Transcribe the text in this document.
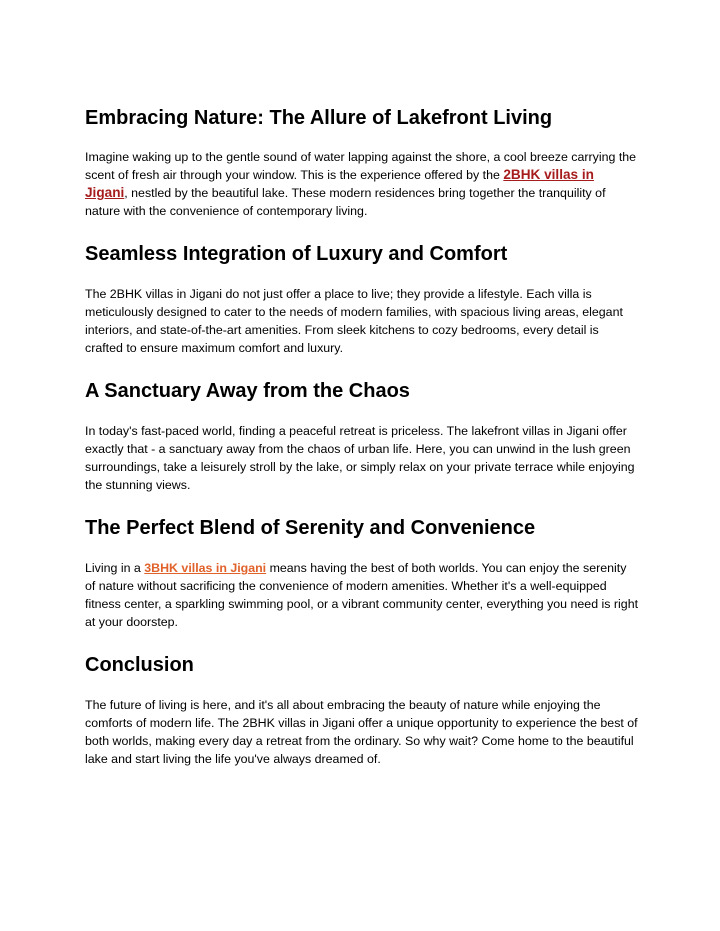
Embracing Nature: The Allure of Lakefront Living

Imagine waking up to the gentle sound of water lapping against the shore, a cool breeze carrying the scent of fresh air through your window. This is the experience offered by the 2BHK villas in Jigani, nestled by the beautiful lake. These modern residences bring together the tranquility of nature with the convenience of contemporary living.

Seamless Integration of Luxury and Comfort

The 2BHK villas in Jigani do not just offer a place to live; they provide a lifestyle. Each villa is meticulously designed to cater to the needs of modern families, with spacious living areas, elegant interiors, and state-of-the-art amenities. From sleek kitchens to cozy bedrooms, every detail is crafted to ensure maximum comfort and luxury.

A Sanctuary Away from the Chaos

In today's fast-paced world, finding a peaceful retreat is priceless. The lakefront villas in Jigani offer exactly that - a sanctuary away from the chaos of urban life. Here, you can unwind in the lush green surroundings, take a leisurely stroll by the lake, or simply relax on your private terrace while enjoying the stunning views.

The Perfect Blend of Serenity and Convenience

Living in a 3BHK villas in Jigani means having the best of both worlds. You can enjoy the serenity of nature without sacrificing the convenience of modern amenities. Whether it's a well-equipped fitness center, a sparkling swimming pool, or a vibrant community center, everything you need is right at your doorstep.

Conclusion

The future of living is here, and it's all about embracing the beauty of nature while enjoying the comforts of modern life. The 2BHK villas in Jigani offer a unique opportunity to experience the best of both worlds, making every day a retreat from the ordinary. So why wait? Come home to the beautiful lake and start living the life you've always dreamed of.
